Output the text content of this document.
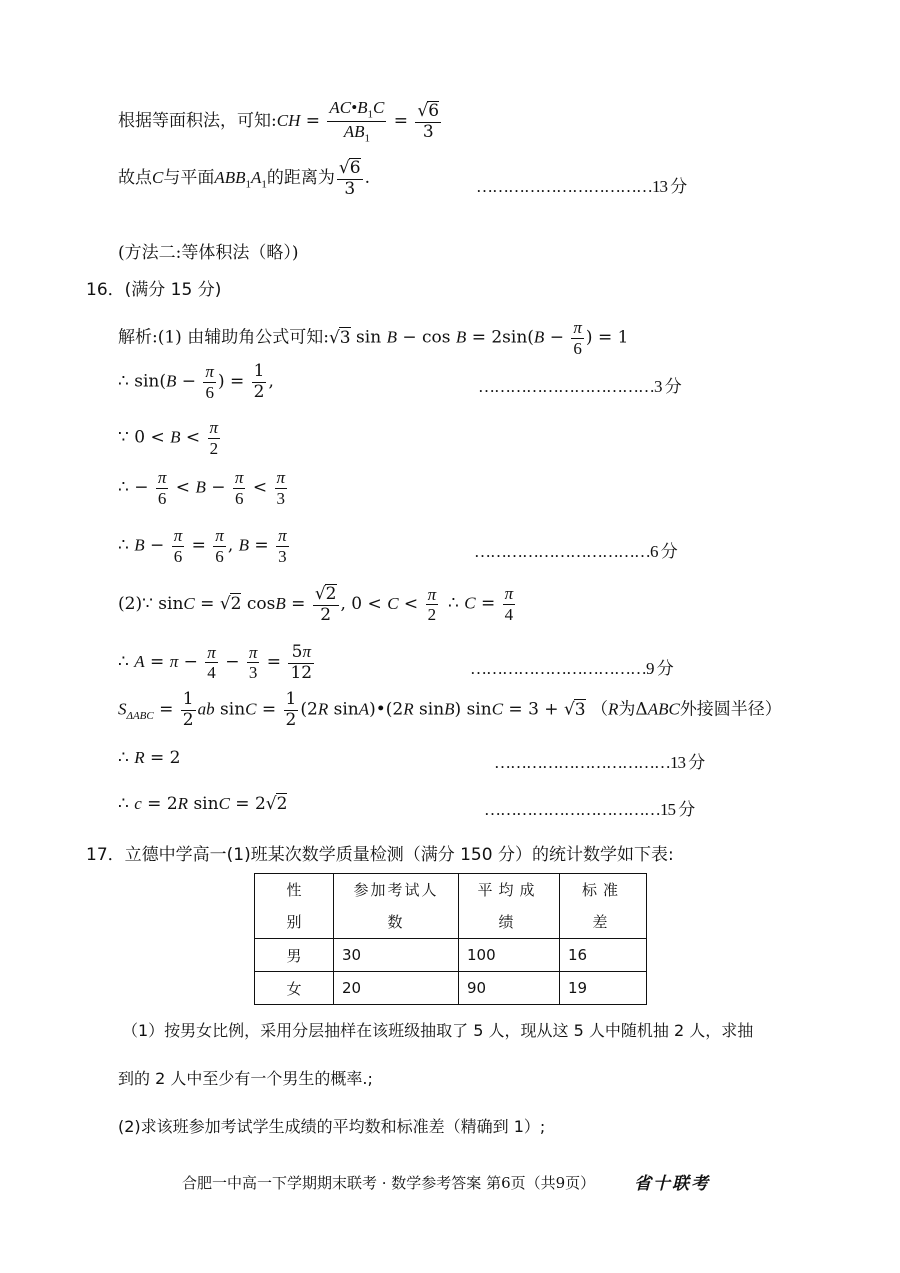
根据等面积法，可知:CH = $\frac{AC•B_1C}{AB_1} = \frac{√6}{3}$
故点C与平面$ABB_1A_1$的距离为 $\frac{√6}{3}$ .	……………………………13 分
(方法二:等体积法（略）)
16．(满分 15 分)
解析:(1) 由辅助角公式可知:√3 $\sin B - \cos B = 2\sin(B - \frac{\pi}{6}$ ) = 1
∴ $\sin(B - \frac{\pi}{6}$ ) = $\frac{1}{2}$ ,	……………………………3 分
∵ $0 < B < \frac{\pi}{2}$
∴ − $\frac{\pi}{6} < B - \frac{\pi}{6} < \frac{\pi}{3}$
∴ $B - \frac{\pi}{6} = \frac{\pi}{6}$ , $B = \frac{\pi}{3}$	……………………………6 分
(2)∵ sinC = √2 $\cos B = \frac{√2}{2}$ , $0 < C < \frac{\pi}{2}$ ∴ $C = \frac{\pi}{4}$
∴ $A = \pi - \frac{\pi}{4} - \frac{\pi}{3} = \frac{5\pi}{12}$	……………………………9 分
$S_{\Delta ABC} = \frac{1}{2}$ ab $\sin C = \frac{1}{2} (2R$ sinA)•(2R sinB) sinC = 3 + √3 （R为ΔABC外接圆半径）
∴ R = 2	……………………………13 分
∴ c = 2R sinC = 2√2	……………………………15 分
17．立德中学高一(1)班某次数学质量检测（满分 150 分）的统计数学如下表:
性别	参加考试人数	平均成绩	标准差

男	30	100	16
女	20	90	19
（1）按男女比例，采用分层抽样在该班级抽取了 5 人，现从这 5 人中随机抽 2 人，求抽
到的 2 人中至少有一个男生的概率.;
(2)求该班参加考试学生成绩的平均数和标准差（精确到 1）;
合肥一中高一下学期期末联考 · 数学参考答案 第6页（共9页） 省十联考
